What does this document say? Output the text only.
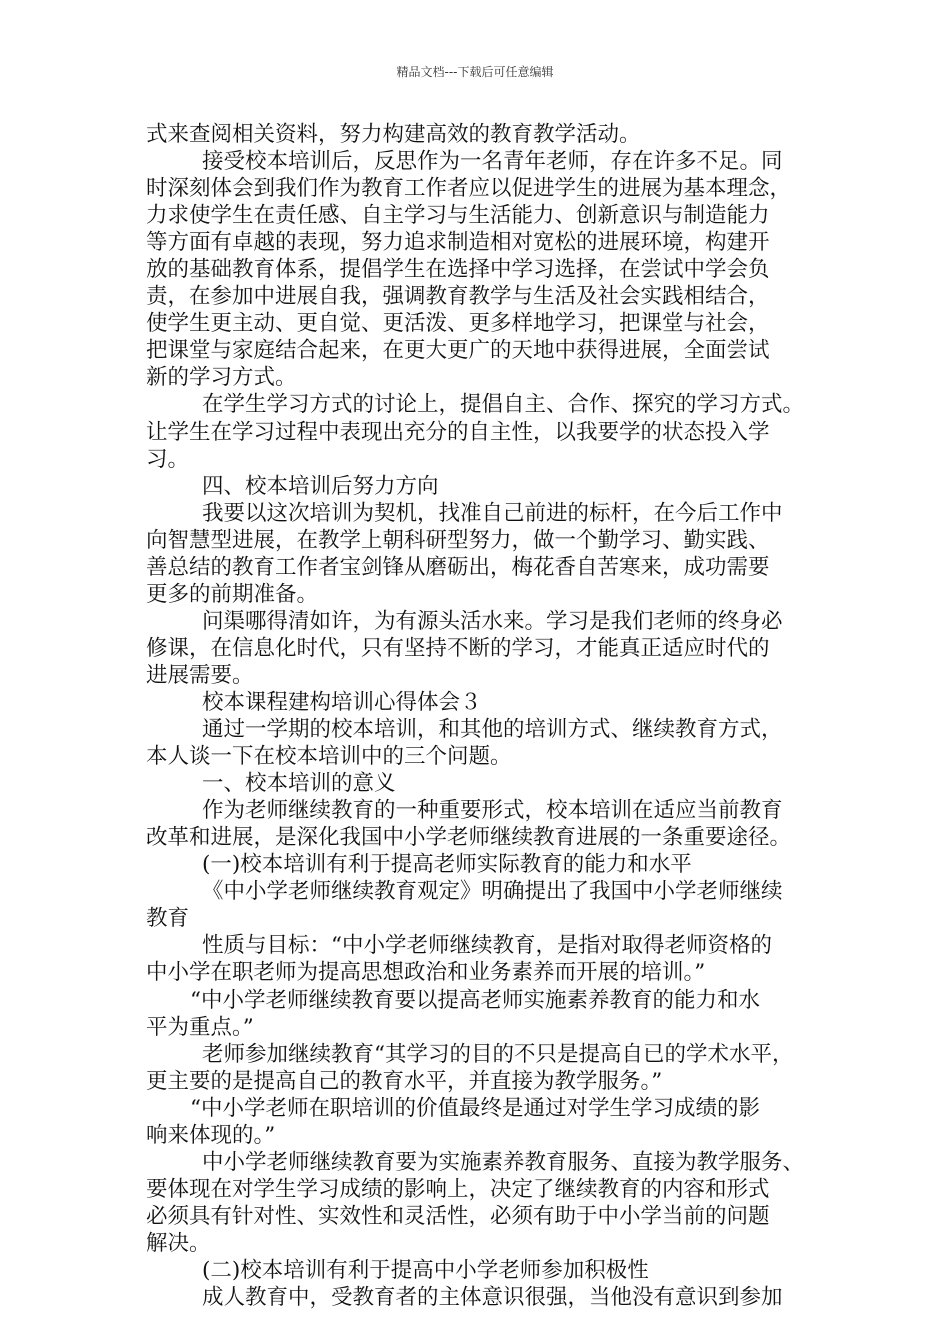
精品文档---下载后可任意编辑
式来查阅相关资料，努力构建高效的教育教学活动。
接受校本培训后，反思作为一名青年老师，存在许多不足。同
时深刻体会到我们作为教育工作者应以促进学生的进展为基本理念，
力求使学生在责任感、自主学习与生活能力、创新意识与制造能力
等方面有卓越的表现，努力追求制造相对宽松的进展环境，构建开
放的基础教育体系，提倡学生在选择中学习选择，在尝试中学会负
责，在参加中进展自我，强调教育教学与生活及社会实践相结合，
使学生更主动、更自觉、更活泼、更多样地学习，把课堂与社会，
把课堂与家庭结合起来，在更大更广的天地中获得进展，全面尝试
新的学习方式。
在学生学习方式的讨论上，提倡自主、合作、探究的学习方式。
让学生在学习过程中表现出充分的自主性，以我要学的状态投入学
习。
四、校本培训后努力方向
我要以这次培训为契机，找准自己前进的标杆，在今后工作中
向智慧型进展，在教学上朝科研型努力，做一个勤学习、勤实践、
善总结的教育工作者宝剑锋从磨砺出，梅花香自苦寒来，成功需要
更多的前期准备。
问渠哪得清如许，为有源头活水来。学习是我们老师的终身必
修课，在信息化时代，只有坚持不断的学习，才能真正适应时代的
进展需要。
校本课程建构培训心得体会３
通过一学期的校本培训，和其他的培训方式、继续教育方式，
本人谈一下在校本培训中的三个问题。
一、校本培训的意义
作为老师继续教育的一种重要形式，校本培训在适应当前教育
改革和进展，是深化我国中小学老师继续教育进展的一条重要途径。
(一)校本培训有利于提高老师实际教育的能力和水平
《中小学老师继续教育观定》明确提出了我国中小学老师继续
教育
性质与目标：“中小学老师继续教育，是指对取得老师资格的
中小学在职老师为提高思想政治和业务素养而开展的培训。”
“中小学老师继续教育要以提高老师实施素养教育的能力和水
平为重点。”
老师参加继续教育“其学习的目的不只是提高自已的学术水平，
更主要的是提高自己的教育水平，并直接为教学服务。”
“中小学老师在职培训的价值最终是通过对学生学习成绩的影
响来体现的。”
中小学老师继续教育要为实施素养教育服务、直接为教学服务、
要体现在对学生学习成绩的影响上，决定了继续教育的内容和形式
必须具有针对性、实效性和灵活性，必须有助于中小学当前的问题
解决。
(二)校本培训有利于提高中小学老师参加积极性
成人教育中，受教育者的主体意识很强，当他没有意识到参加
